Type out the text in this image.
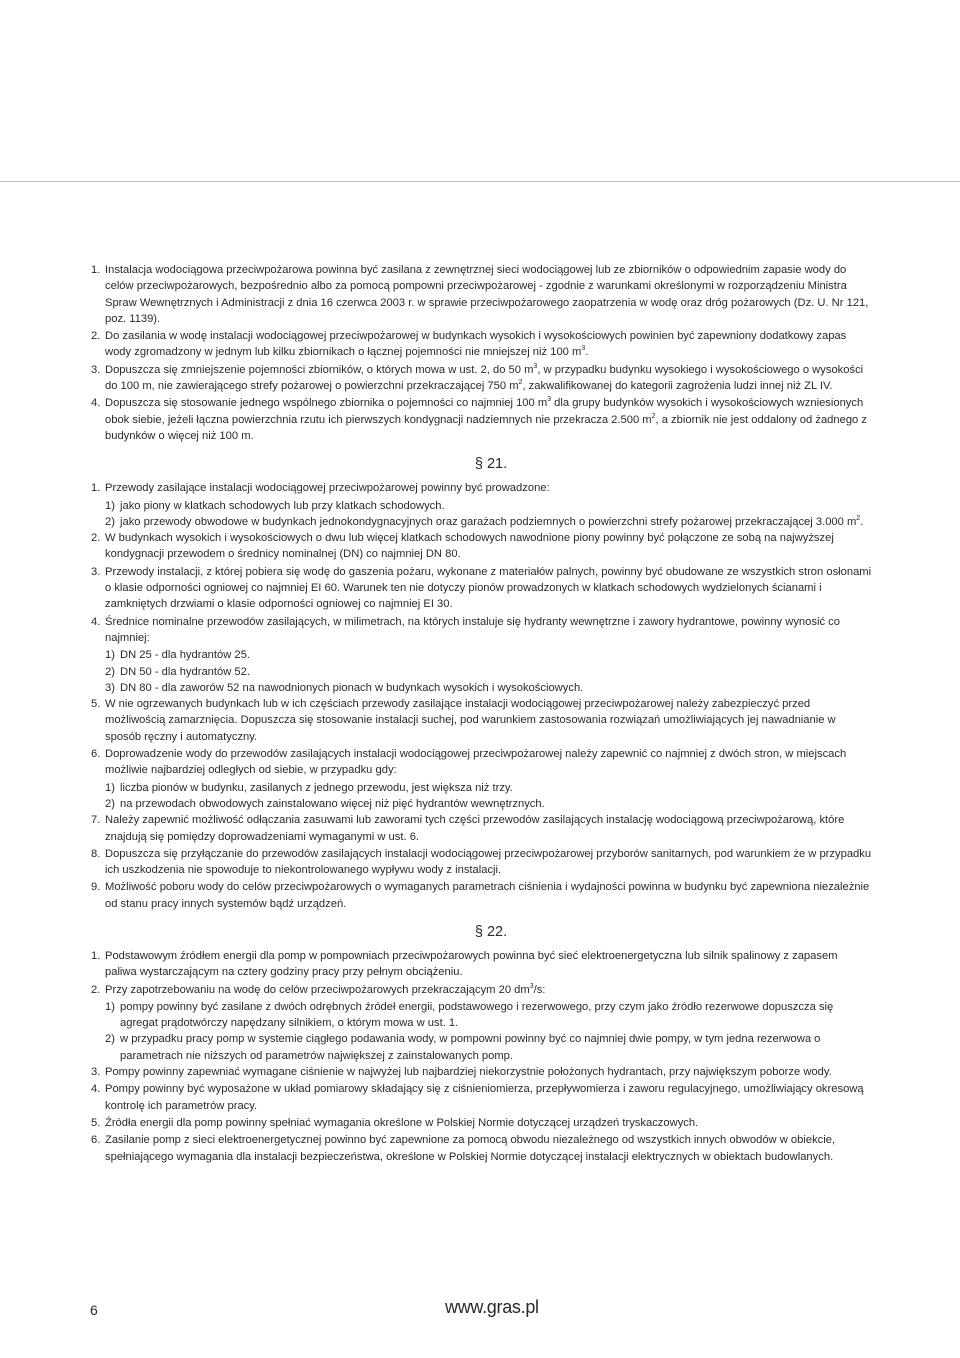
1. Instalacja wodociągowa przeciwpożarowa powinna być zasilana z zewnętrznej sieci wodociągowej lub ze zbiorników o odpowiednim zapasie wody do celów przeciwpożarowych, bezpośrednio albo za pomocą pompowni przeciwpożarowej - zgodnie z warunkami określonymi w rozporządzeniu Ministra Spraw Wewnętrznych i Administracji z dnia 16 czerwca 2003 r. w sprawie przeciwpożarowego zaopatrzenia w wodę oraz dróg pożarowych (Dz. U. Nr 121, poz. 1139).
2. Do zasilania w wodę instalacji wodociągowej przeciwpożarowej w budynkach wysokich i wysokościowych powinien być zapewniony dodatkowy zapas wody zgromadzony w jednym lub kilku zbiornikach o łącznej pojemności nie mniejszej niż 100 $m^3$.
3. Dopuszcza się zmniejszenie pojemności zbiorników, o których mowa w ust. 2, do 50 $m^3$, w przypadku budynku wysokiego i wysokościowego o wysokości do 100 m, nie zawierającego strefy pożarowej o powierzchni przekraczającej 750 $m^2$, zakwalifikowanej do kategorii zagrożenia ludzi innej niż ZL IV.
4. Dopuszcza się stosowanie jednego wspólnego zbiornika o pojemności co najmniej 100 $m^3$ dla grupy budynków wysokich i wysokościowych wzniesionych obok siebie, jeżeli łączna powierzchnia rzutu ich pierwszych kondygnacji nadziemnych nie przekracza 2.500 $m^2$, a zbiornik nie jest oddalony od żadnego z budynków o więcej niż 100 m.
§ 21.
1. Przewody zasilające instalacji wodociągowej przeciwpożarowej powinny być prowadzone:
1) jako piony w klatkach schodowych lub przy klatkach schodowych.
2) jako przewody obwodowe w budynkach jednokondygnacyjnych oraz garażach podziemnych o powierzchni strefy pożarowej przekraczającej 3.000 $m^2$.
2. W budynkach wysokich i wysokościowych o dwu lub więcej klatkach schodowych nawodnione piony powinny być połączone ze sobą na najwyższej kondygnacji przewodem o średnicy nominalnej (DN) co najmniej DN 80.
3. Przewody instalacji, z której pobiera się wodę do gaszenia pożaru, wykonane z materiałów palnych, powinny być obudowane ze wszystkich stron osłonami o klasie odporności ogniowej co najmniej EI 60. Warunek ten nie dotyczy pionów prowadzonych w klatkach schodowych wydzielonych ścianami i zamkniętych drzwiami o klasie odporności ogniowej co najmniej EI 30.
4. Średnice nominalne przewodów zasilających, w milimetrach, na których instaluje się hydranty wewnętrzne i zawory hydrantowe, powinny wynosić co najmniej:
1) DN 25 - dla hydrantów 25.
2) DN 50 - dla hydrantów 52.
3) DN 80 - dla zaworów 52 na nawodnionych pionach w budynkach wysokich i wysokościowych.
5. W nie ogrzewanych budynkach lub w ich częściach przewody zasilające instalacji wodociągowej przeciwpożarowej należy zabezpieczyć przed możliwością zamarznięcia. Dopuszcza się stosowanie instalacji suchej, pod warunkiem zastosowania rozwiązań umożliwiających jej nawadnianie w sposób ręczny i automatyczny.
6. Doprowadzenie wody do przewodów zasilających instalacji wodociągowej przeciwpożarowej należy zapewnić co najmniej z dwóch stron, w miejscach możliwie najbardziej odległych od siebie, w przypadku gdy:
1) liczba pionów w budynku, zasilanych z jednego przewodu, jest większa niż trzy.
2) na przewodach obwodowych zainstalowano więcej niż pięć hydrantów wewnętrznych.
7. Należy zapewnić możliwość odłączania zasuwami lub zaworami tych części przewodów zasilających instalację wodociągową przeciwpożarową, które znajdują się pomiędzy doprowadzeniami wymaganymi w ust. 6.
8. Dopuszcza się przyłączanie do przewodów zasilających instalacji wodociągowej przeciwpożarowej przyborów sanitarnych, pod warunkiem że w przypadku ich uszkodzenia nie spowoduje to niekontrolowanego wypływu wody z instalacji.
9. Możliwość poboru wody do celów przeciwpożarowych o wymaganych parametrach ciśnienia i wydajności powinna w budynku być zapewniona niezależnie od stanu pracy innych systemów bądź urządzeń.
§ 22.
1. Podstawowym źródłem energii dla pomp w pompowniach przeciwpożarowych powinna być sieć elektroenergetyczna lub silnik spalinowy z zapasem paliwa wystarczającym na cztery godziny pracy przy pełnym obciążeniu.
2. Przy zapotrzebowaniu na wodę do celów przeciwpożarowych przekraczającym 20 $dm^3/s$:
1) pompy powinny być zasilane z dwóch odrębnych źródeł energii, podstawowego i rezerwowego, przy czym jako źródło rezerwowe dopuszcza się agregat prądotwórczy napędzany silnikiem, o którym mowa w ust. 1.
2) w przypadku pracy pomp w systemie ciągłego podawania wody, w pompowni powinny być co najmniej dwie pompy, w tym jedna rezerwowa o parametrach nie niższych od parametrów największej z zainstalowanych pomp.
3. Pompy powinny zapewniać wymagane ciśnienie w najwyżej lub najbardziej niekorzystnie położonych hydrantach, przy największym poborze wody.
4. Pompy powinny być wyposażone w układ pomiarowy składający się z ciśnieniomierza, przepływomierza i zaworu regulacyjnego, umożliwiający okresową kontrolę ich parametrów pracy.
5. Źródła energii dla pomp powinny spełniać wymagania określone w Polskiej Normie dotyczącej urządzeń tryskaczowych.
6. Zasilanie pomp z sieci elektroenergetycznej powinno być zapewnione za pomocą obwodu niezależnego od wszystkich innych obwodów w obiekcie, spełniającego wymagania dla instalacji bezpieczeństwa, określone w Polskiej Normie dotyczącej instalacji elektrycznych w obiektach budowlanych.
6	www.gras.pl
